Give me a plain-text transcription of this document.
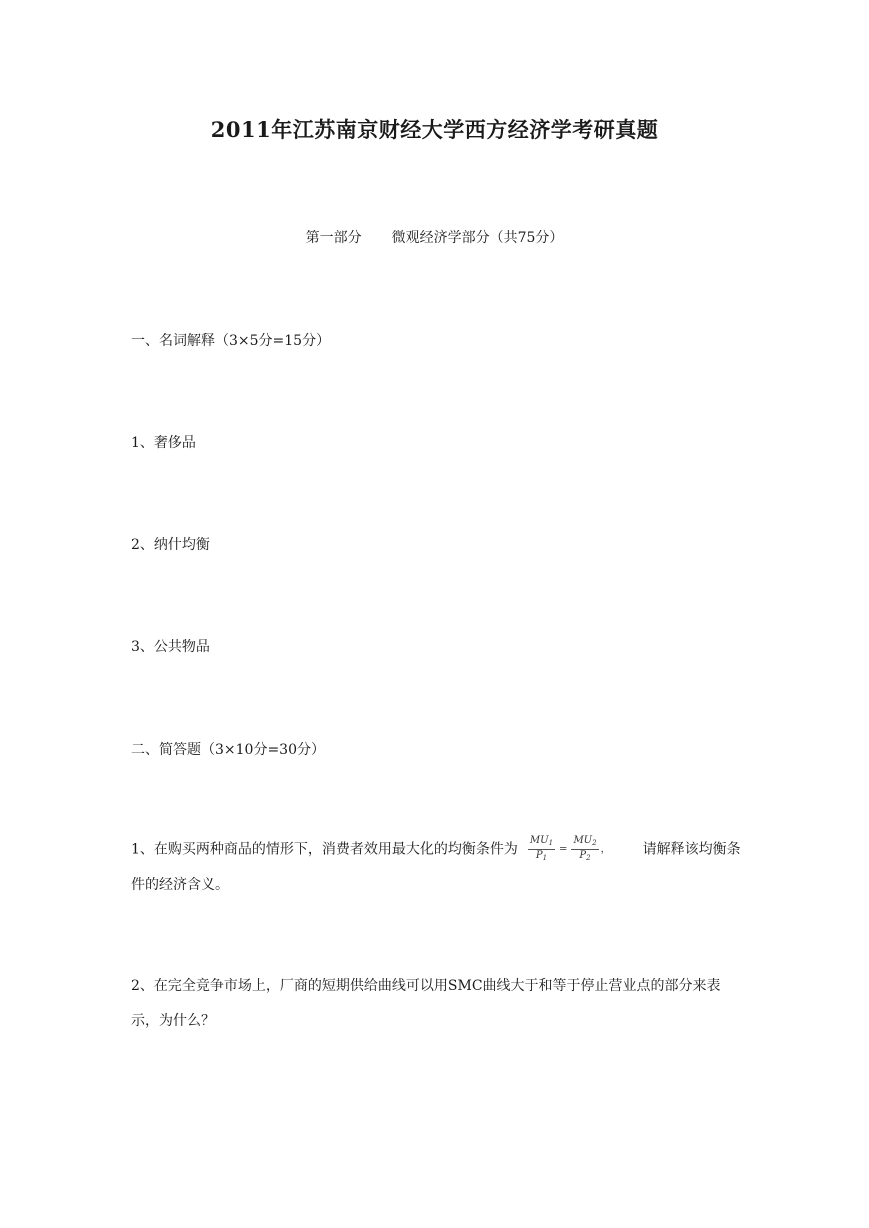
2011年江苏南京财经大学西方经济学考研真题
第一部分 微观经济学部分（共75分）
一、名词解释（3×5分=15分）
1、奢侈品
2、纳什均衡
3、公共物品
二、简答题（3×10分=30分）
1、在购买两种商品的情形下，消费者效用最大化的均衡条件为 $\frac{MU_1}{P_1} = \frac{MU_2}{P_2}$ ， 请解释该均衡条件的经济含义。
2、在完全竞争市场上，厂商的短期供给曲线可以用SMC曲线大于和等于停止营业点的部分来表示，为什么？
